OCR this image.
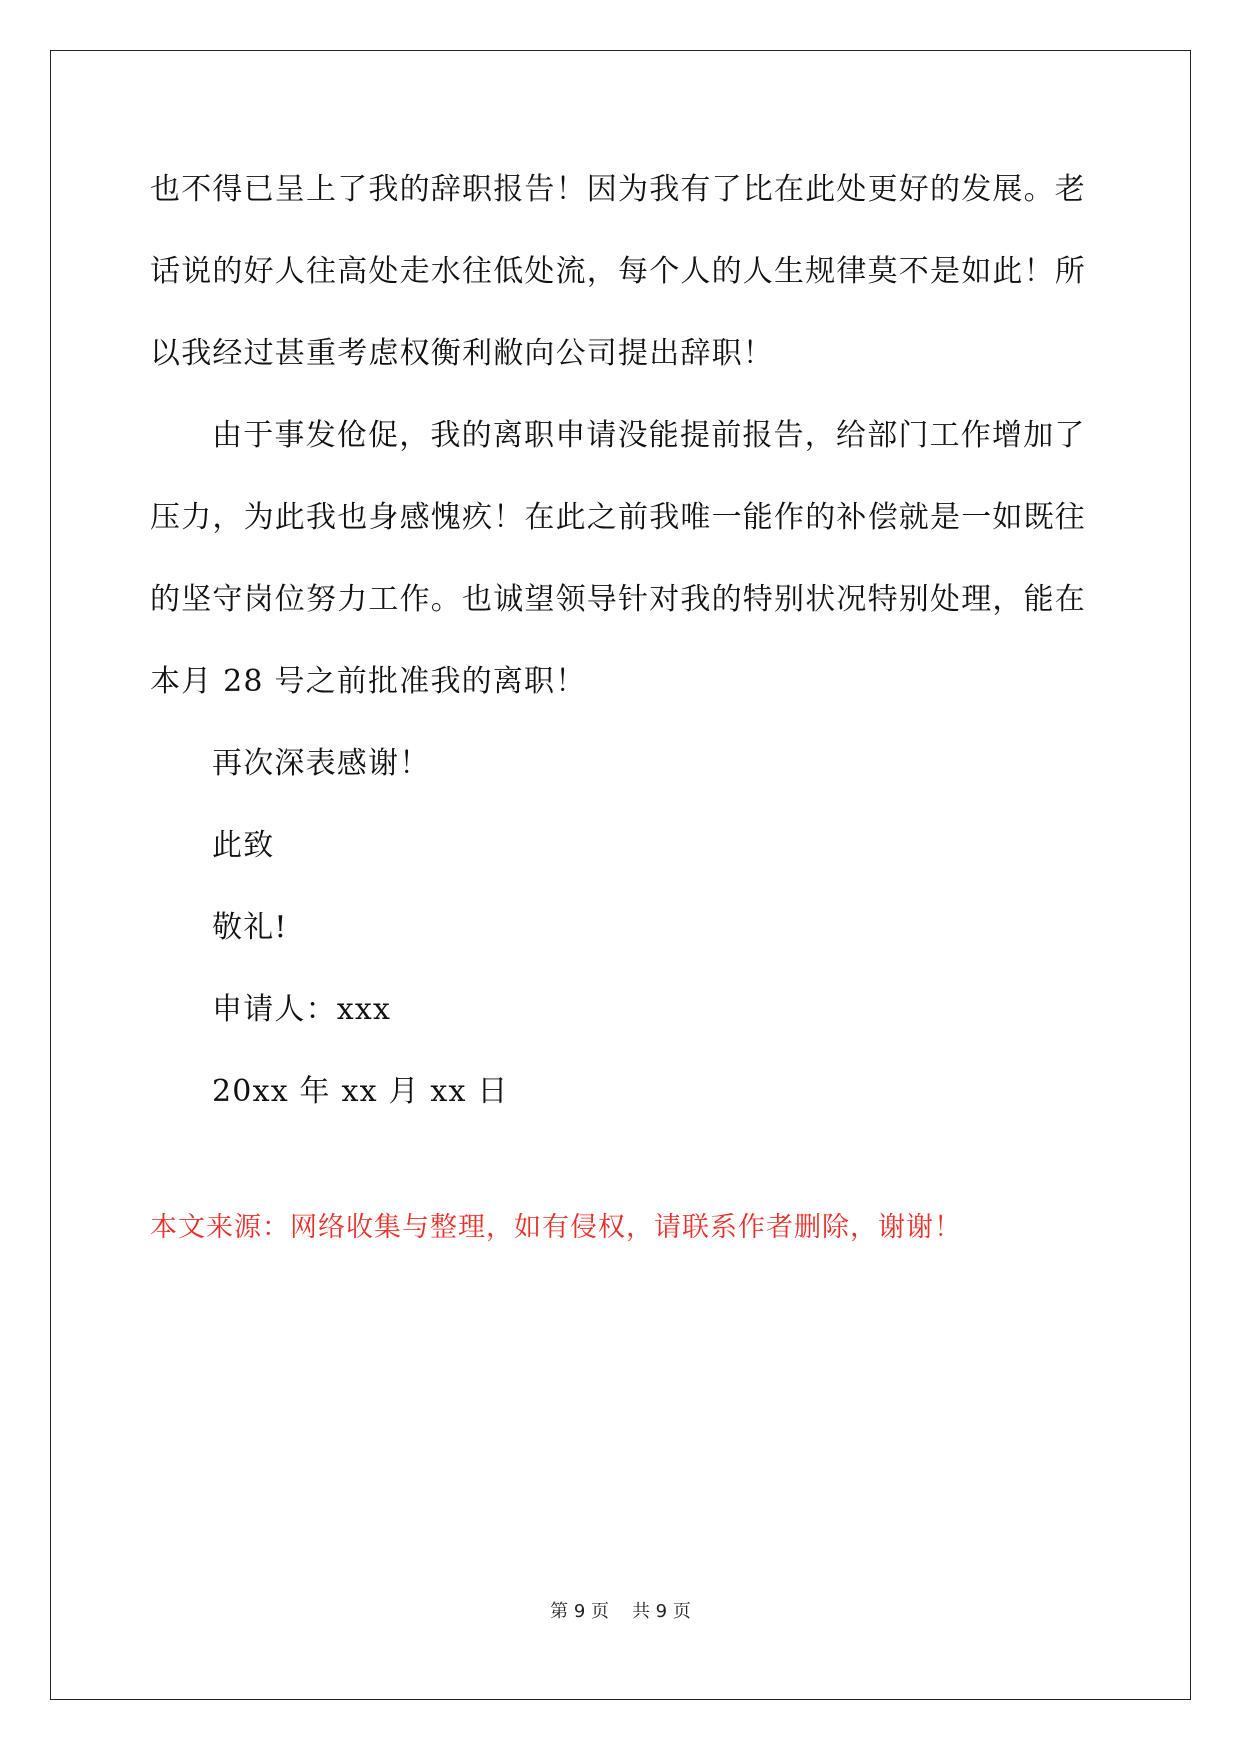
也不得已呈上了我的辞职报告！因为我有了比在此处更好的发展。老
话说的好人往高处走水往低处流，每个人的人生规律莫不是如此！所
以我经过甚重考虑权衡利敝向公司提出辞职！
由于事发伧促，我的离职申请没能提前报告，给部门工作增加了
压力，为此我也身感愧疚！在此之前我唯一能作的补偿就是一如既往
的坚守岗位努力工作。也诚望领导针对我的特别状况特别处理，能在
本月 28 号之前批准我的离职！
再次深表感谢！
此致
敬礼!
申请人：xxx
20xx 年 xx 月 xx 日
本文来源：网络收集与整理，如有侵权，请联系作者删除，谢谢！
第 9 页    共 9 页
